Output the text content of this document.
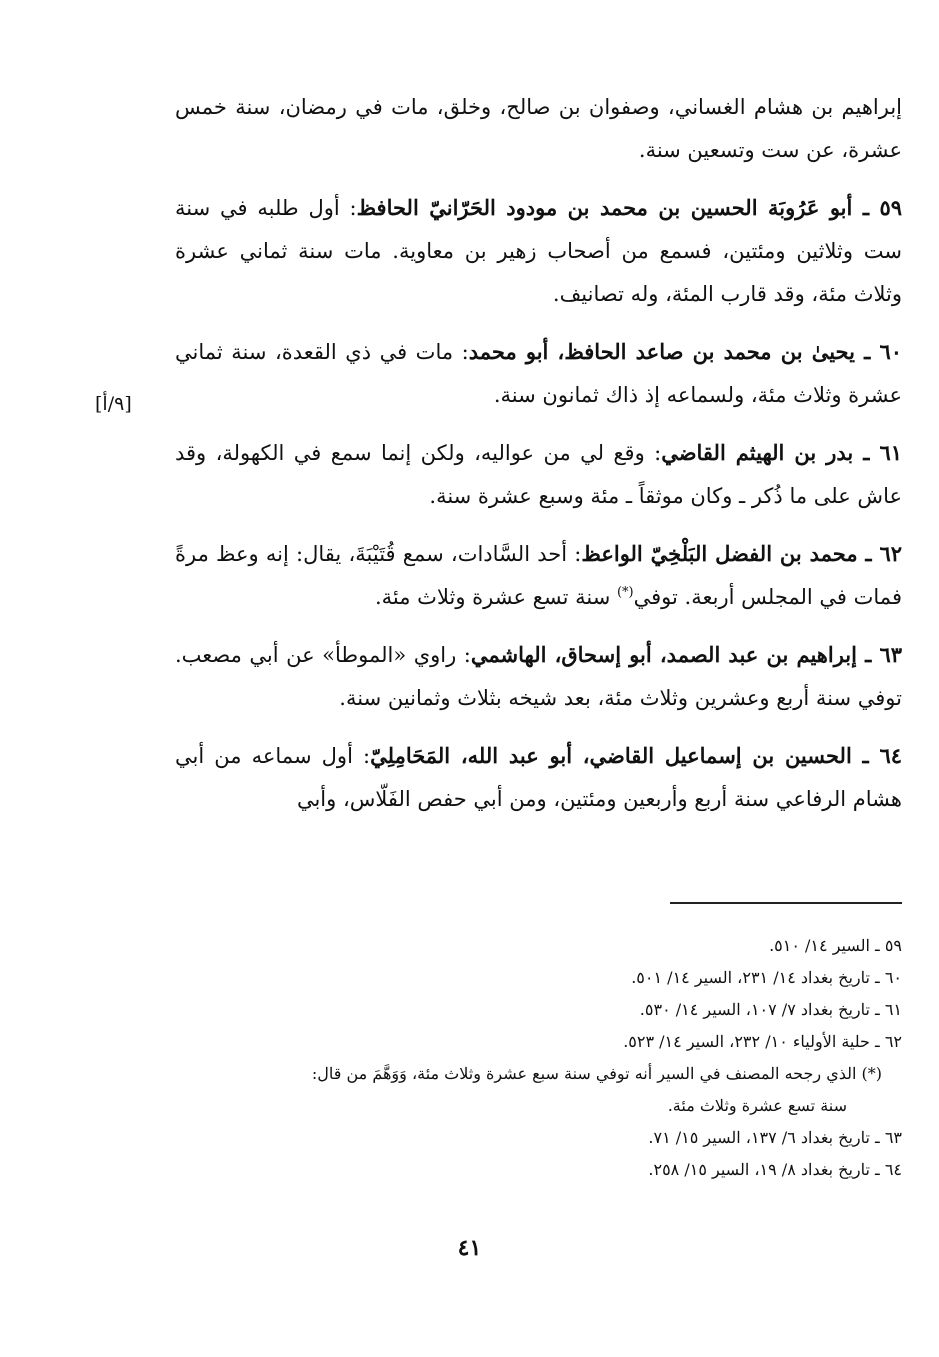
إبراهيم بن هشام الغساني، وصفوان بن صالح، وخلق، مات في رمضان، سنة خمس عشرة، عن ست وتسعين سنة.

٥٩ ـ أبو عَرُوبَة الحسين بن محمد بن مودود الحَرّانيّ الحافظ: أول طلبه في سنة ست وثلاثين ومئتين، فسمع من أصحاب زهير بن معاوية. مات سنة ثماني عشرة وثلاث مئة، وقد قارب المئة، وله تصانيف.

٦٠ ـ يحيىٰ بن محمد بن صاعد الحافظ، أبو محمد: مات في ذي القعدة، سنة ثماني عشرة وثلاث مئة، ولسماعه إذ ذاك ثمانون سنة.

٦١ ـ بدر بن الهيثم القاضي: وقع لي من عواليه، ولكن إنما سمع في الكهولة، وقد عاش على ما ذُكر ـ وكان موثقاً ـ مئة وسبع عشرة سنة.

٦٢ ـ محمد بن الفضل البَلْخِيّ الواعظ: أحد السَّادات، سمع قُتَيْبَةَ، يقال: إنه وعظ مرةً فمات في المجلس أربعة. توفي(*) سنة تسع عشرة وثلاث مئة.

٦٣ ـ إبراهيم بن عبد الصمد، أبو إسحاق، الهاشمي: راوي «الموطأ» عن أبي مصعب. توفي سنة أربع وعشرين وثلاث مئة، بعد شيخه بثلاث وثمانين سنة.

٦٤ ـ الحسين بن إسماعيل القاضي، أبو عبد الله، المَحَامِلِيّ: أول سماعه من أبي هشام الرفاعي سنة أربع وأربعين ومئتين، ومن أبي حفص الفَلّاس، وأبي

[٩/أ]
٥٩ ـ السير ١٤/ ٥١٠.
٦٠ ـ تاريخ بغداد ١٤/ ٢٣١، السير ١٤/ ٥٠١.
٦١ ـ تاريخ بغداد ٧/ ١٠٧، السير ١٤/ ٥٣٠.
٦٢ ـ حلية الأولياء ١٠/ ٢٣٢، السير ١٤/ ٥٢٣.
(*) الذي رجحه المصنف في السير أنه توفي سنة سبع عشرة وثلاث مئة، وَوَهَّمَ من قال:
سنة تسع عشرة وثلاث مئة.
٦٣ ـ تاريخ بغداد ٦/ ١٣٧، السير ١٥/ ٧١.
٦٤ ـ تاريخ بغداد ٨/ ١٩، السير ١٥/ ٢٥٨.
٤١
